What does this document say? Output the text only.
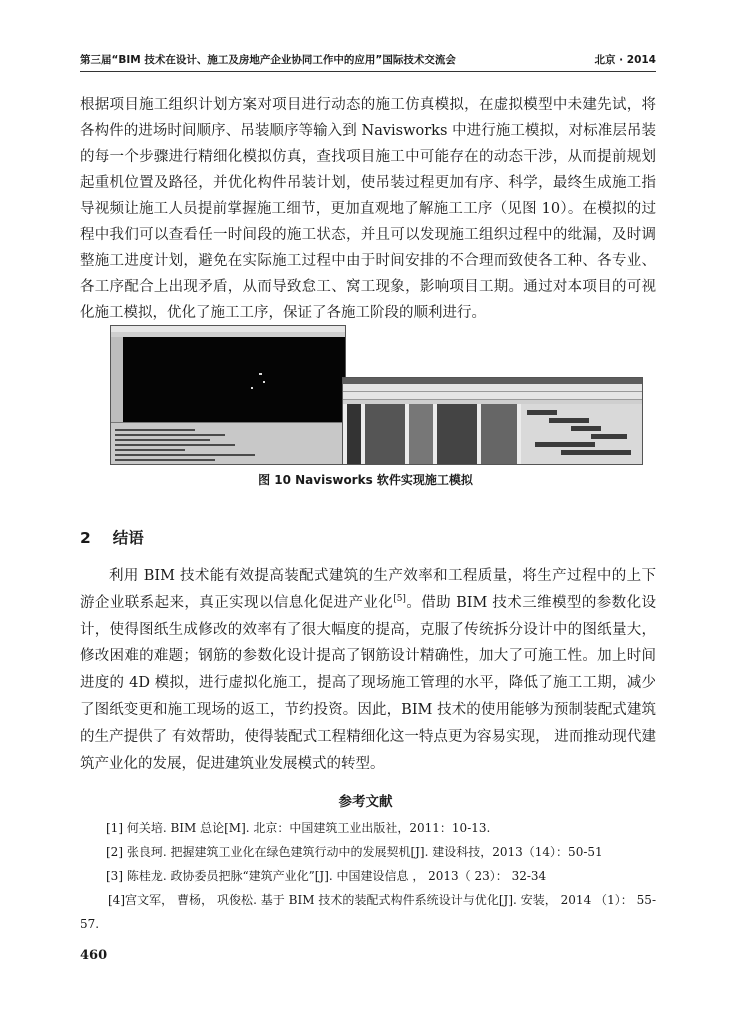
第三届“BIM 技术在设计、施工及房地产企业协同工作中的应用”国际技术交流会	北京 · 2014

根据项目施工组织计划方案对项目进行动态的施工仿真模拟，在虚拟模型中未建先试，将各构件的进场时间顺序、吊装顺序等输入到 Navisworks 中进行施工模拟，对标准层吊装的每一个步骤进行精细化模拟仿真，查找项目施工中可能存在的动态干涉，从而提前规划起重机位置及路径，并优化构件吊装计划，使吊装过程更加有序、科学，最终生成施工指导视频让施工人员提前掌握施工细节，更加直观地了解施工工序（见图 10）。在模拟的过程中我们可以查看任一时间段的施工状态，并且可以发现施工组织过程中的纰漏，及时调整施工进度计划，避免在实际施工过程中由于时间安排的不合理而致使各工种、各专业、各工序配合上出现矛盾，从而导致怠工、窝工现象，影响项目工期。通过对本项目的可视化施工模拟，优化了施工工序，保证了各施工阶段的顺利进行。

图 10 Navisworks 软件实现施工模拟
2 结语

利用 BIM 技术能有效提高装配式建筑的生产效率和工程质量，将生产过程中的上下游企业联系起来，真正实现以信息化促进产业化[5]。借助 BIM 技术三维模型的参数化设计，使得图纸生成修改的效率有了很大幅度的提高，克服了传统拆分设计中的图纸量大，修改困难的难题；钢筋的参数化设计提高了钢筋设计精确性，加大了可施工性。加上时间进度的 4D 模拟，进行虚拟化施工，提高了现场施工管理的水平，降低了施工工期，减少了图纸变更和施工现场的返工，节约投资。因此，BIM 技术的使用能够为预制装配式建筑的生产提供了 有效帮助，使得装配式工程精细化这一特点更为容易实现， 进而推动现代建筑产业化的发展，促进建筑业发展模式的转型。

参考文献
[1] 何关培. BIM 总论[M]. 北京：中国建筑工业出版社，2011：10-13.
[2] 张良珂. 把握建筑工业化在绿色建筑行动中的发展契机[J]. 建设科技，2013（14）：50-51
[3] 陈桂龙. 政协委员把脉“建筑产业化”[J]. 中国建设信息 ， 2013（ 23）： 32-34
[4]宫文军， 曹杨， 巩俊松. 基于 BIM 技术的装配式构件系统设计与优化[J]. 安装， 2014 （1）： 55-57.
460
